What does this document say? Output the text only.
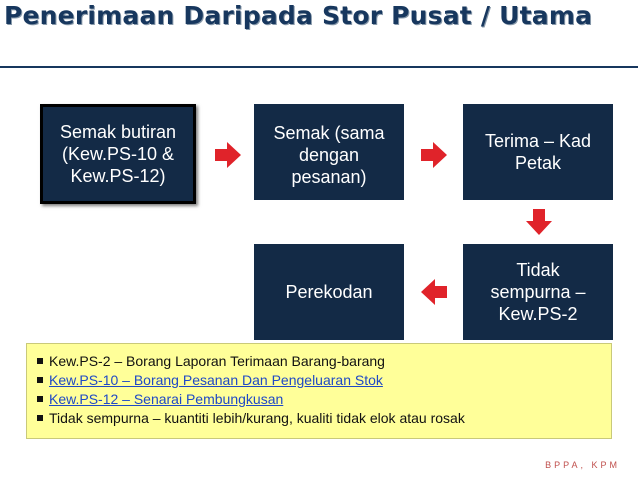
Penerimaan Daripada Stor Pusat / Utama
Semak butiran
(Kew.PS-10 &
Kew.PS-12)
Semak (sama
dengan
pesanan)
Terima – Kad
Petak
Tidak
sempurna –
Kew.PS-2
Perekodan
Kew.PS-2 – Borang Laporan Terimaan Barang-barang
Kew.PS-10 – Borang Pesanan Dan Pengeluaran Stok
Kew.PS-12 – Senarai Pembungkusan
Tidak sempurna – kuantiti lebih/kurang, kualiti tidak elok atau rosak
BPPA, KPM
